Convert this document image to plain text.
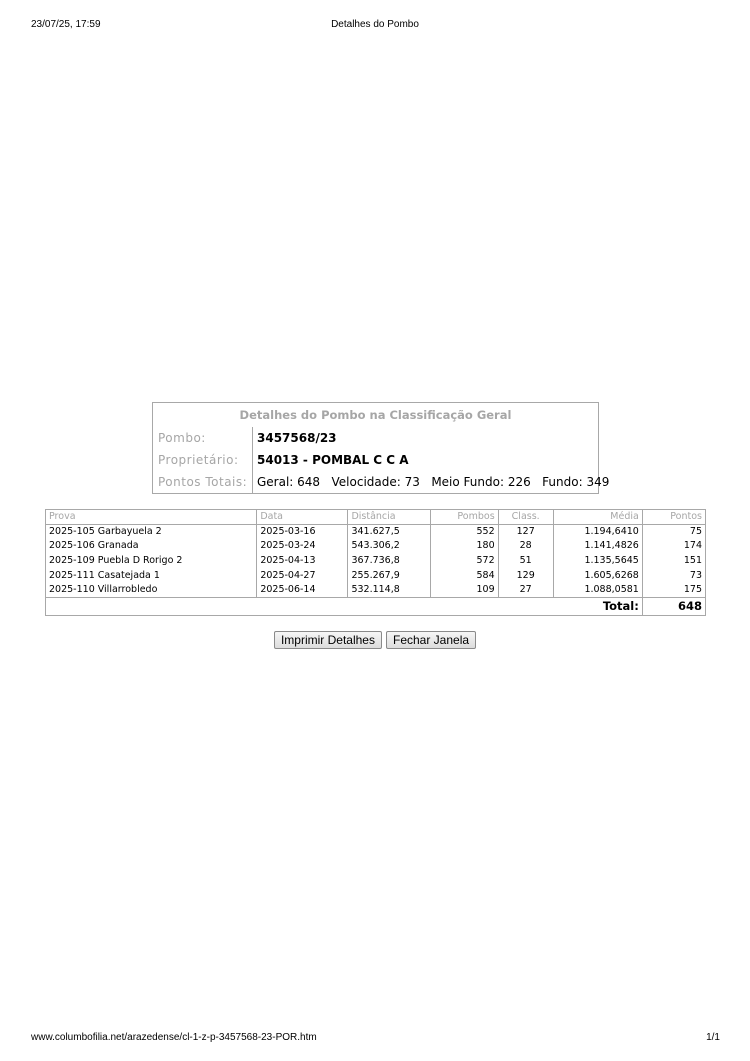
23/07/25, 17:59	Detalhes do Pombo
Detalhes do Pombo na Classificação Geral
Pombo:	3457568/23
Proprietário: 54013 - POMBAL C C A
Pontos Totais: Geral: 648   Velocidade: 73   Meio Fundo: 226   Fundo: 349
Prova	Data	Distância	Pombos	Class.	Média	Pontos
2025-105 Garbayuela 2	2025-03-16	341.627,5	552	127	1.194,6410	75
2025-106 Granada	2025-03-24	543.306,2	180	28	1.141,4826	174
2025-109 Puebla D Rorigo 2	2025-04-13	367.736,8	572	51	1.135,5645	151
2025-111 Casatejada 1	2025-04-27	255.267,9	584	129	1.605,6268	73
2025-110 Villarrobledo	2025-06-14	532.114,8	109	27	1.088,0581	175
					Total:	648
Imprimir Detalhes Fechar Janela
www.columbofilia.net/arazedense/cl-1-z-p-3457568-23-POR.htm	1/1
